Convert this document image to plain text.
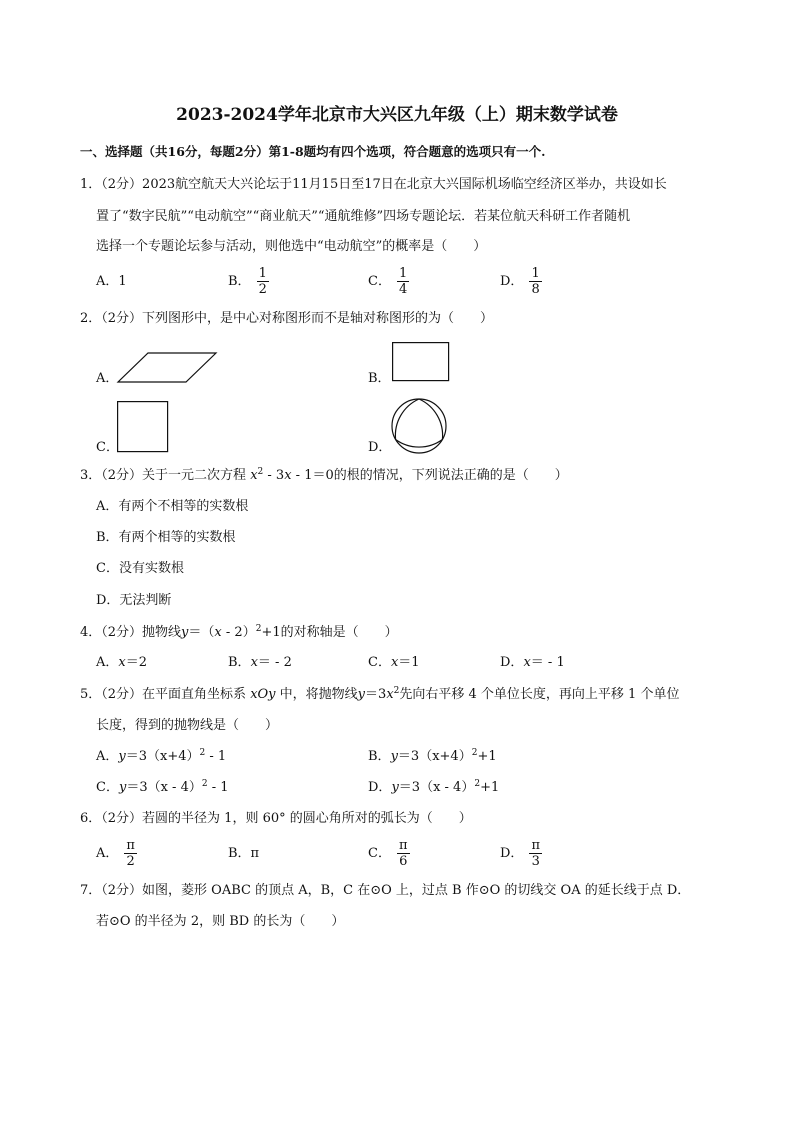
2023-2024学年北京市大兴区九年级（上）期末数学试卷
一、选择题（共16分，每题2分）第1-8题均有四个选项，符合题意的选项只有一个.
1．（2分）2023航空航天大兴论坛于11月15日至17日在北京大兴国际机场临空经济区举办，共设如长
置了“数字民航”“电动航空”“商业航天”“通航维修”四场专题论坛．若某位航天科研工作者随机
选择一个专题论坛参与活动，则他选中“电动航空”的概率是（　　）
A．1	B． $\frac{1}{2}$	C． $\frac{1}{4}$	D． $\frac{1}{8}$
2．（2分）下列图形中，是中心对称图形而不是轴对称图形的为（　　）
A．	B．
C．	D．
3．（2分）关于一元二次方程 $x^2 - 3x - 1=0$的根的情况，下列说法正确的是（　　）
A．有两个不相等的实数根
B．有两个相等的实数根
C．没有实数根
D．无法判断
4．（2分）抛物线y＝（x - 2）$^2$+1的对称轴是（　　）
A．x＝2	B．x＝ - 2	C．x＝1	D．x＝ - 1
5．（2分）在平面直角坐标系 xOy 中，将抛物线$y=3x^2$先向右平移 4 个单位长度，再向上平移 1 个单位
长度，得到的抛物线是（　　）
A．$y=3(x+4)^2 - 1$	B．$y=3(x+4)^2+1$
C．y＝3（x - 4）$^2$ - 1	D．y＝3（x - 4）$^2$+1
6．（2分）若圆的半径为 1，则 60° 的圆心角所对的弧长为（　　）
A． $\frac{\pi}{2}$	B．π	C． $\frac{\pi}{6}$	D． $\frac{\pi}{3}$
7．（2分）如图，菱形 OABC 的顶点 A，B，C 在⊙O 上，过点 B 作⊙O 的切线交 OA 的延长线于点 D．
若⊙O 的半径为 2，则 BD 的长为（　　）
